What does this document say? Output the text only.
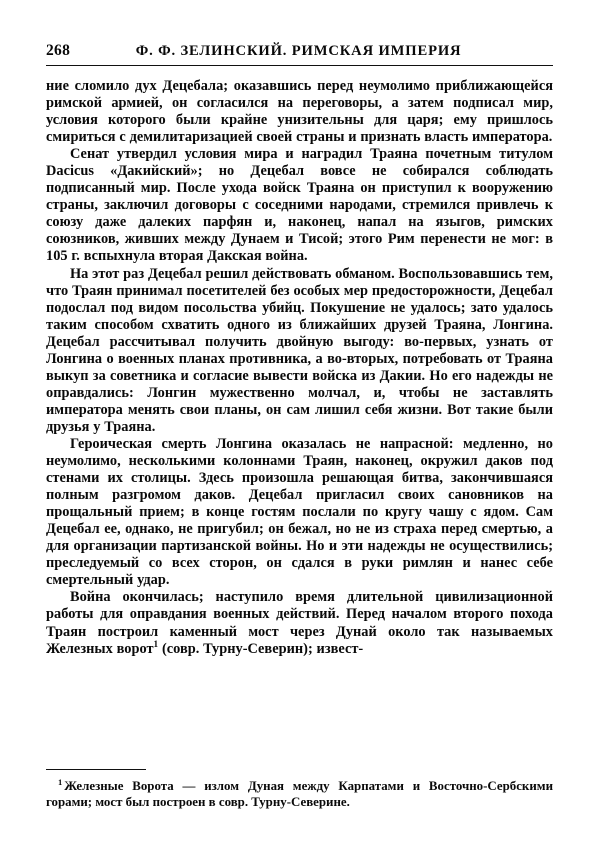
268	Ф. Ф. ЗЕЛИНСКИЙ. РИМСКАЯ ИМПЕРИЯ

ние сломило дух Децебала; оказавшись перед неумолимо приближающейся римской армией, он согласился на переговоры, а затем подписал мир, условия которого были крайне унизительны для царя; ему пришлось смириться с демилитаризацией своей страны и признать власть императора.

Сенат утвердил условия мира и наградил Траяна почетным титулом Dacicus «Дакийский»; но Децебал вовсе не собирался соблюдать подписанный мир. После ухода войск Траяна он приступил к вооружению страны, заключил договоры с соседними народами, стремился привлечь к союзу даже далеких парфян и, наконец, напал на языгов, римских союзников, живших между Дунаем и Тисой; этого Рим перенести не мог: в 105 г. вспыхнула вторая Дакская война.

На этот раз Децебал решил действовать обманом. Воспользовавшись тем, что Траян принимал посетителей без особых мер предосторожности, Децебал подослал под видом посольства убийц. Покушение не удалось; зато удалось таким способом схватить одного из ближайших друзей Траяна, Лонгина. Децебал рассчитывал получить двойную выгоду: во-первых, узнать от Лонгина о военных планах противника, а во-вторых, потребовать от Траяна выкуп за советника и согласие вывести войска из Дакии. Но его надежды не оправдались: Лонгин мужественно молчал, и, чтобы не заставлять императора менять свои планы, он сам лишил себя жизни. Вот такие были друзья у Траяна.

Героическая смерть Лонгина оказалась не напрасной: медленно, но неумолимо, несколькими колоннами Траян, наконец, окружил даков под стенами их столицы. Здесь произошла решающая битва, закончившаяся полным разгромом даков. Децебал пригласил своих сановников на прощальный прием; в конце гостям послали по кругу чашу с ядом. Сам Децебал ее, однако, не пригубил; он бежал, но не из страха перед смертью, а для организации партизанской войны. Но и эти надежды не осуществились; преследуемый со всех сторон, он сдался в руки римлян и нанес себе смертельный удар.

Война окончилась; наступило время длительной цивилизационной работы для оправдания военных действий. Перед началом второго похода Траян построил каменный мост через Дунай около так называемых Железных ворот$^1$ (совр. Турну-Северин); извест-

$^1$ Железные Ворота — излом Дуная между Карпатами и Восточно-Сербскими горами; мост был построен в совр. Турну-Северине.
